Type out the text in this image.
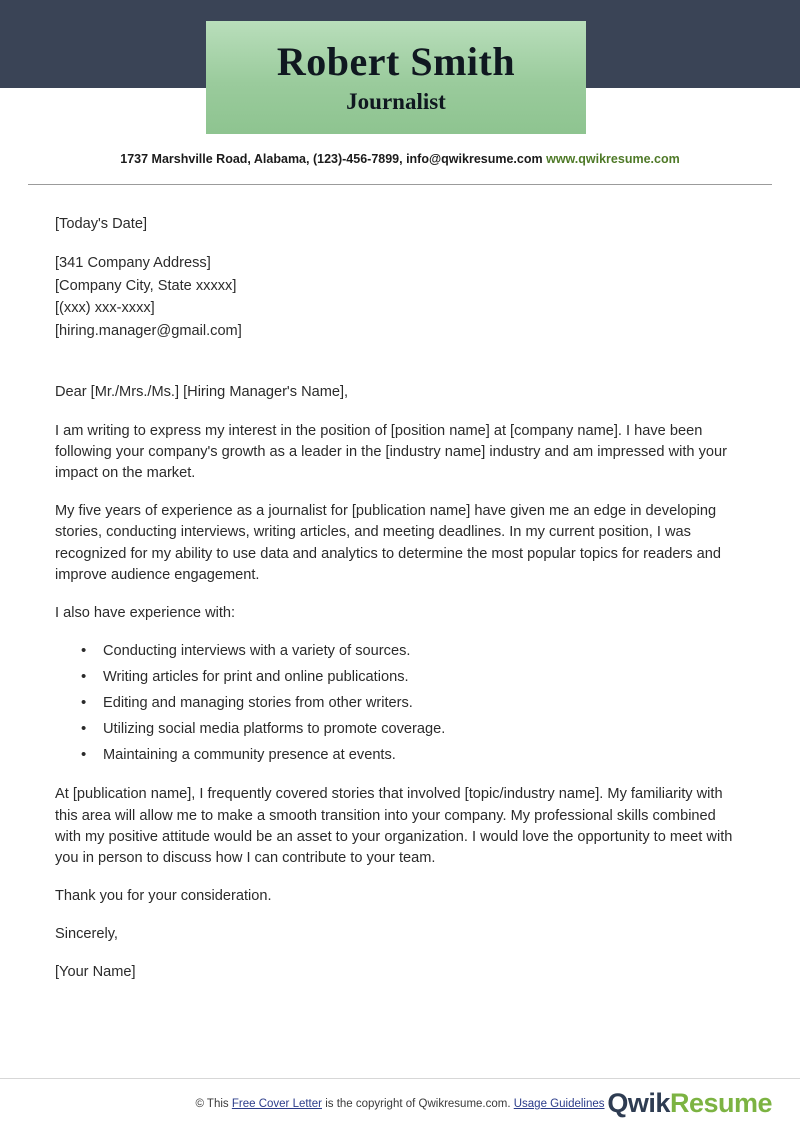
Robert Smith
Journalist
1737 Marshville Road, Alabama, (123)-456-7899, info@qwikresume.com www.qwikresume.com
[Today's Date]
[341 Company Address]
[Company City, State xxxxx]
[(xxx) xxx-xxxx]
[hiring.manager@gmail.com]
Dear [Mr./Mrs./Ms.] [Hiring Manager's Name],

I am writing to express my interest in the position of [position name] at [company name]. I have been following your company's growth as a leader in the [industry name] industry and am impressed with your impact on the market.

My five years of experience as a journalist for [publication name] have given me an edge in developing stories, conducting interviews, writing articles, and meeting deadlines. In my current position, I was recognized for my ability to use data and analytics to determine the most popular topics for readers and improve audience engagement.

I also have experience with:

• Conducting interviews with a variety of sources.
• Writing articles for print and online publications.
• Editing and managing stories from other writers.
• Utilizing social media platforms to promote coverage.
• Maintaining a community presence at events.

At [publication name], I frequently covered stories that involved [topic/industry name]. My familiarity with this area will allow me to make a smooth transition into your company. My professional skills combined with my positive attitude would be an asset to your organization. I would love the opportunity to meet with you in person to discuss how I can contribute to your team.

Thank you for your consideration.

Sincerely,
[Your Name]
© This Free Cover Letter is the copyright of Qwikresume.com. Usage Guidelines QwikResume
